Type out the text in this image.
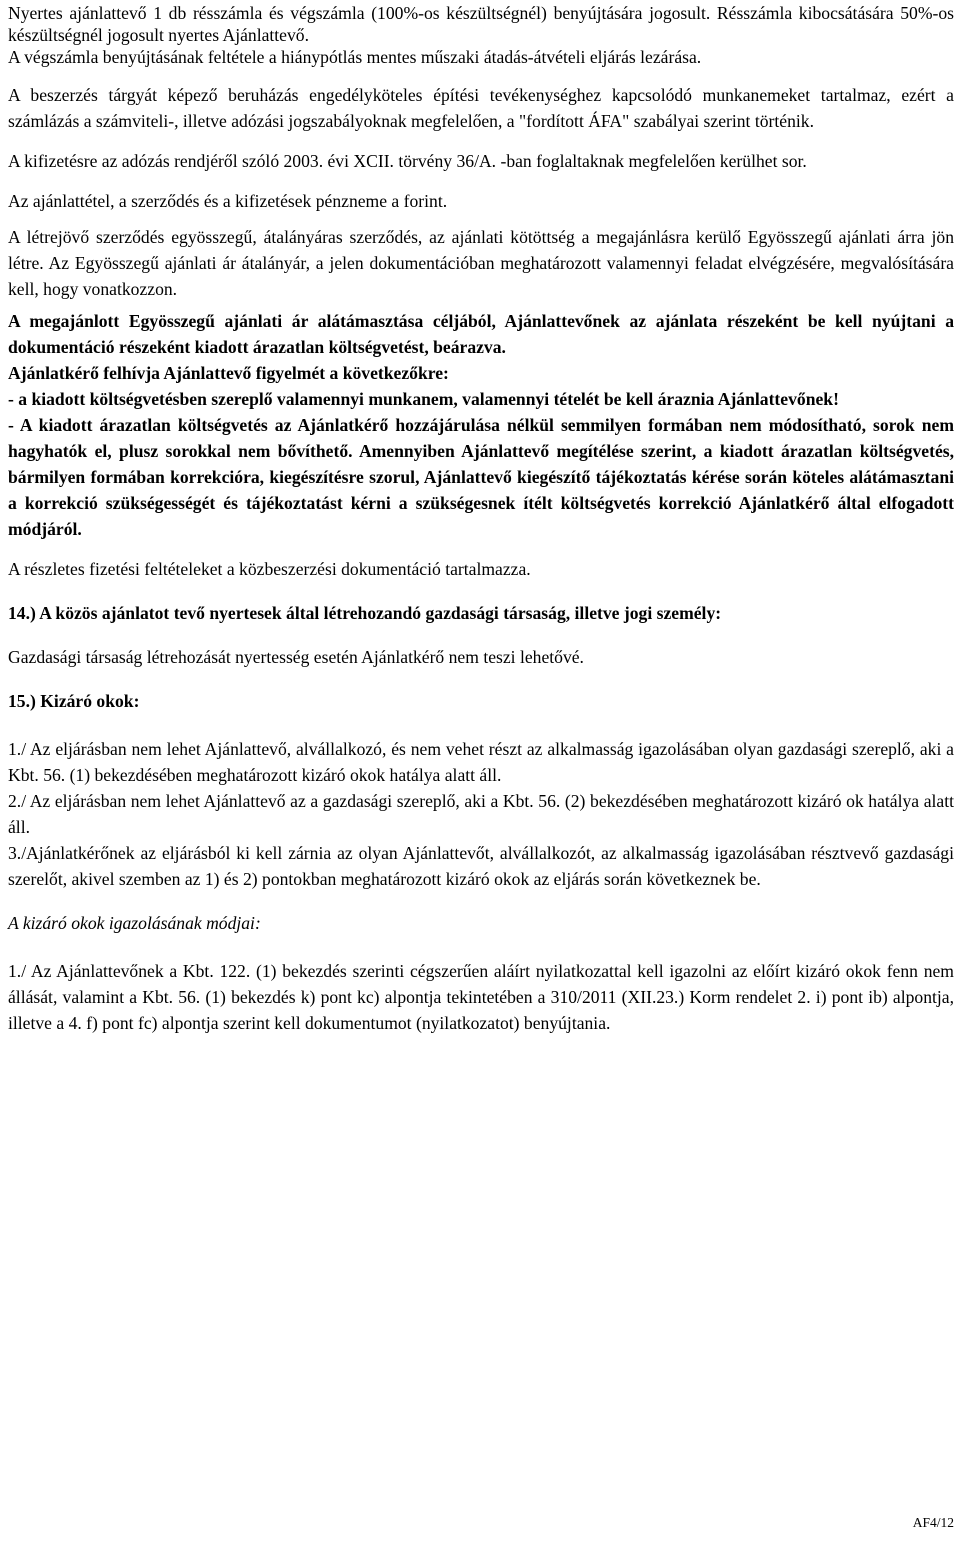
Nyertes ajánlattevő 1 db résszámla és végszámla (100%-os készültségnél) benyújtására jogosult. Résszámla kibocsátására 50%-os készültségnél jogosult nyertes Ajánlattevő.

A végszámla benyújtásának feltétele a hiánypótlás mentes műszaki átadás-átvételi eljárás lezárása.

A beszerzés tárgyát képező beruházás engedélyköteles építési tevékenységhez kapcsolódó munkanemeket tartalmaz, ezért a számlázás a számviteli-, illetve adózási jogszabályoknak megfelelően, a "fordított ÁFA" szabályai szerint történik.

A kifizetésre az adózás rendjéről szóló 2003. évi XCII. törvény 36/A. -ban foglaltaknak megfelelően kerülhet sor.

Az ajánlattétel, a szerződés és a kifizetések pénzneme a forint.

A létrejövő szerződés egyösszegű, átalányáras szerződés, az ajánlati kötöttség a megajánlásra kerülő Egyösszegű ajánlati árra jön létre. Az Egyösszegű ajánlati ár átalányár, a jelen dokumentációban meghatározott valamennyi feladat elvégzésére, megvalósítására kell, hogy vonatkozzon.

A megajánlott Egyösszegű ajánlati ár alátámasztása céljából, Ajánlattevőnek az ajánlata részeként be kell nyújtani a dokumentáció részeként kiadott árazatlan költségvetést, beárazva.

Ajánlatkérő felhívja Ajánlattevő figyelmét a következőkre:

- a kiadott költségvetésben szereplő valamennyi munkanem, valamennyi tételét be kell áraznia Ajánlattevőnek!

- A kiadott árazatlan költségvetés az Ajánlatkérő hozzájárulása nélkül semmilyen formában nem módosítható, sorok nem hagyhatók el, plusz sorokkal nem bővíthető. Amennyiben Ajánlattevő megítélése szerint, a kiadott árazatlan költségvetés, bármilyen formában korrekcióra, kiegészítésre szorul, Ajánlattevő kiegészítő tájékoztatás kérése során köteles alátámasztani a korrekció szükségességét és tájékoztatást kérni a szükségesnek ítélt költségvetés korrekció Ajánlatkérő által elfogadott módjáról.

A részletes fizetési feltételeket a közbeszerzési dokumentáció tartalmazza.

14.) A közös ajánlatot tevő nyertesek által létrehozandó gazdasági társaság, illetve jogi személy:

Gazdasági társaság létrehozását nyertesség esetén Ajánlatkérő nem teszi lehetővé.

15.) Kizáró okok:

1./ Az eljárásban nem lehet Ajánlattevő, alvállalkozó, és nem vehet részt az alkalmasság igazolásában olyan gazdasági szereplő, aki a Kbt. 56. (1) bekezdésében meghatározott kizáró okok hatálya alatt áll.

2./ Az eljárásban nem lehet Ajánlattevő az a gazdasági szereplő, aki a Kbt. 56. (2) bekezdésében meghatározott kizáró ok hatálya alatt áll.

3./Ajánlatkérőnek az eljárásból ki kell zárnia az olyan Ajánlattevőt, alvállalkozót, az alkalmasság igazolásában résztvevő gazdasági szerelőt, akivel szemben az 1) és 2) pontokban meghatározott kizáró okok az eljárás során következnek be.

A kizáró okok igazolásának módjai:

1./ Az Ajánlattevőnek a Kbt. 122. (1) bekezdés szerinti cégszerűen aláírt nyilatkozattal kell igazolni az előírt kizáró okok fenn nem állását, valamint a Kbt. 56. (1) bekezdés k) pont kc) alpontja tekintetében a 310/2011 (XII.23.) Korm rendelet 2. i) pont ib) alpontja, illetve a 4. f) pont fc) alpontja szerint kell dokumentumot (nyilatkozatot) benyújtania.

AF4/12
